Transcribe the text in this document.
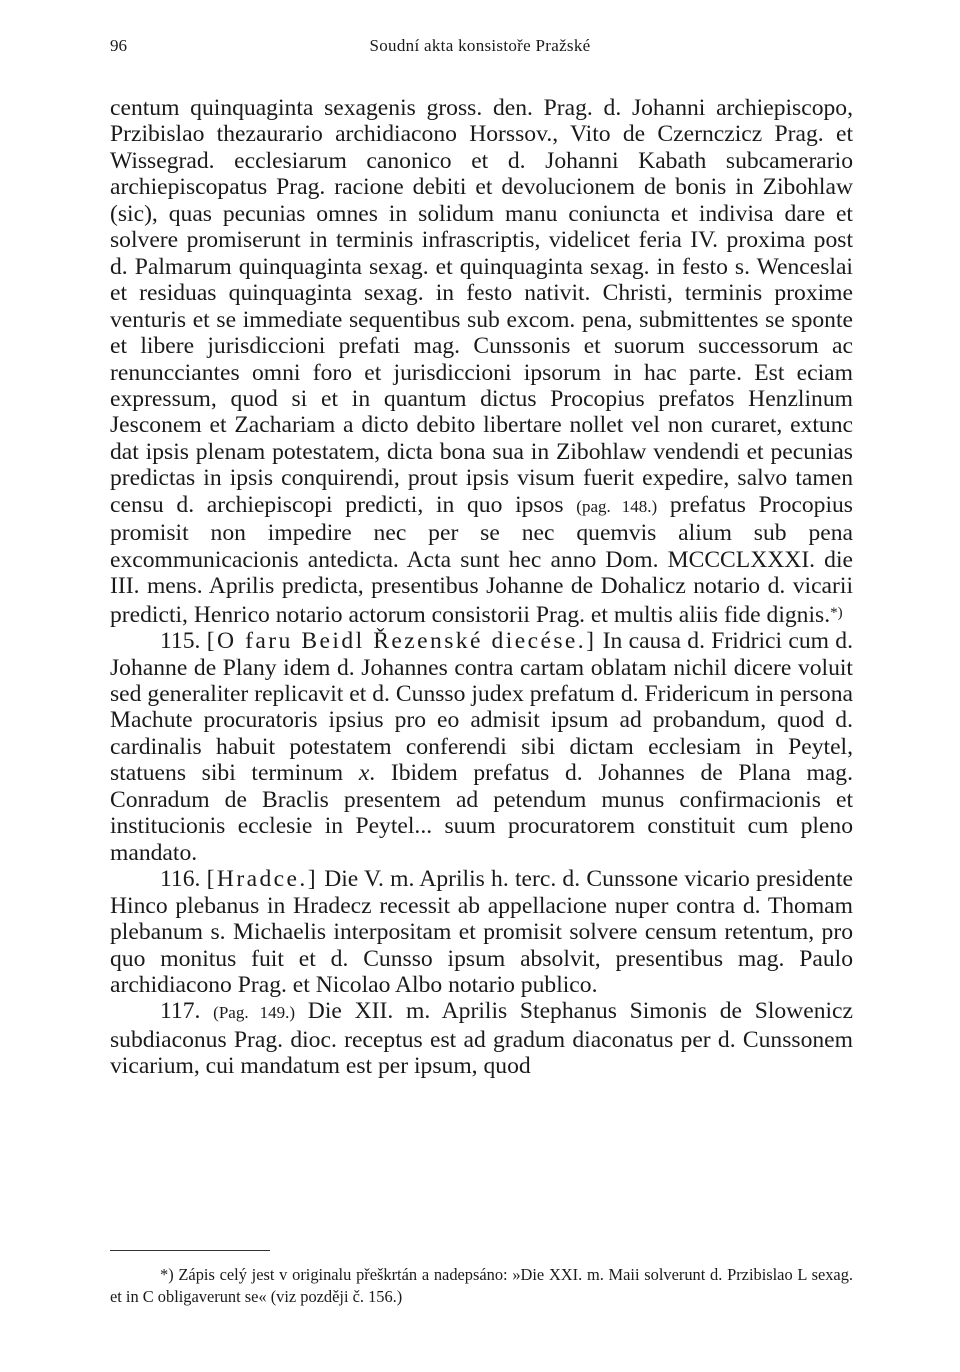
96	Soudní akta konsistoře Pražské

centum quinquaginta sexagenis gross. den. Prag. d. Johanni archiepiscopo, Przibislao thezaurario archidiacono Horssov., Vito de Czernczicz Prag. et Wissegrad. ecclesiarum canonico et d. Johanni Kabath subcamerario archiepiscopatus Prag. racione debiti et devolucionem de bonis in Zibohlaw (sic), quas pecunias omnes in solidum manu coniuncta et indivisa dare et solvere promiserunt in terminis infrascriptis, videlicet feria IV. proxima post d. Palmarum quinquaginta sexag. et quinquaginta sexag. in festo s. Wenceslai et residuas quinquaginta sexag. in festo nativit. Christi, terminis proxime venturis et se immediate sequentibus sub excom. pena, submittentes se sponte et libere jurisdiccioni prefati mag. Cunssonis et suorum successorum ac renuncciantes omni foro et jurisdiccioni ipsorum in hac parte. Est eciam expressum, quod si et in quantum dictus Procopius prefatos Henzlinum Jesconem et Zachariam a dicto debito libertare nollet vel non curaret, extunc dat ipsis plenam potestatem, dicta bona sua in Zibohlaw vendendi et pecunias predictas in ipsis conquirendi, prout ipsis visum fuerit expedire, salvo tamen censu d. archiepiscopi predicti, in quo ipsos (pag. 148.) prefatus Procopius promisit non impedire nec per se nec quemvis alium sub pena excommunicacionis antedicta. Acta sunt hec anno Dom. MCCCLXXXI. die III. mens. Aprilis predicta, presentibus Johanne de Dohalicz notario d. vicarii predicti, Henrico notario actorum consistorii Prag. et multis aliis fide dignis.*)

115. [O faru Beidl Řezenské diecése.] In causa d. Fridrici cum d. Johanne de Plany idem d. Johannes contra cartam oblatam nichil dicere voluit sed generaliter replicavit et d. Cunsso judex prefatum d. Fridericum in persona Machute procuratoris ipsius pro eo admisit ipsum ad probandum, quod d. cardinalis habuit potestatem conferendi sibi dictam ecclesiam in Peytel, statuens sibi terminum x. Ibidem prefatus d. Johannes de Plana mag. Conradum de Braclis presentem ad petendum munus confirmacionis et institucionis ecclesie in Peytel... suum procuratorem constituit cum pleno mandato.

116. [Hradce.] Die V. m. Aprilis h. terc. d. Cunssone vicario presidente Hinco plebanus in Hradecz recessit ab appellacione nuper contra d. Thomam plebanum s. Michaelis interpositam et promisit solvere censum retentum, pro quo monitus fuit et d. Cunsso ipsum absolvit, presentibus mag. Paulo archidiacono Prag. et Nicolao Albo notario publico.

117. (Pag. 149.) Die XII. m. Aprilis Stephanus Simonis de Slowenicz subdiaconus Prag. dioc. receptus est ad gradum diaconatus per d. Cunssonem vicarium, cui mandatum est per ipsum, quod

*) Zápis celý jest v originalu přeškrtán a nadepsáno: »Die XXI. m. Maii solverunt d. Przibislao L sexag. et in C obligaverunt se« (viz později č. 156.)
